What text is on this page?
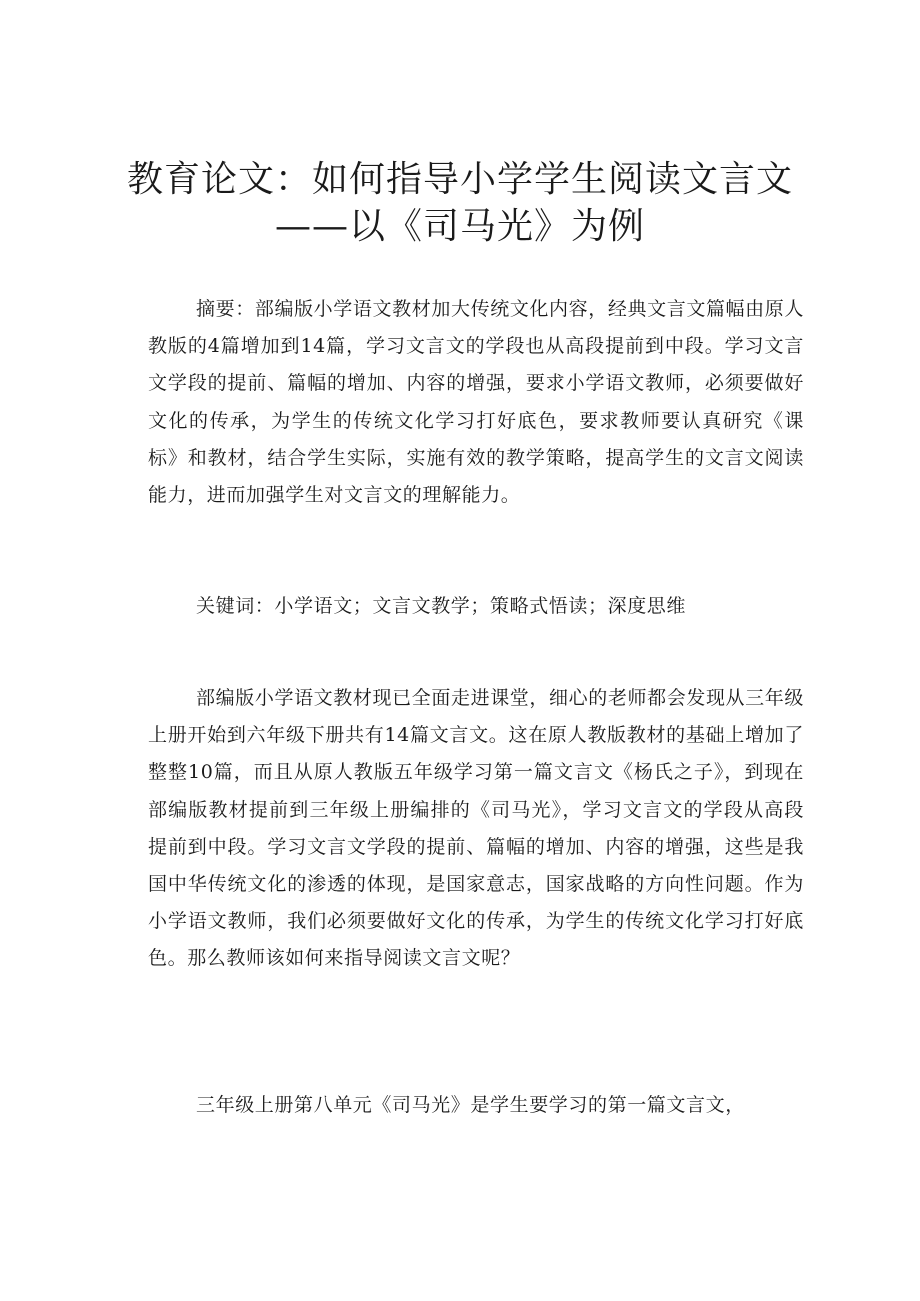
教育论文：如何指导小学学生阅读文言文
——以《司马光》为例

摘要：部编版小学语文教材加大传统文化内容，经典文言文篇幅由原人教版的4篇增加到14篇，学习文言文的学段也从高段提前到中段。学习文言文学段的提前、篇幅的增加、内容的增强，要求小学语文教师，必须要做好文化的传承，为学生的传统文化学习打好底色，要求教师要认真研究《课标》和教材，结合学生实际，实施有效的教学策略，提高学生的文言文阅读能力，进而加强学生对文言文的理解能力。

关键词：小学语文；文言文教学；策略式悟读；深度思维

部编版小学语文教材现已全面走进课堂，细心的老师都会发现从三年级上册开始到六年级下册共有14篇文言文。这在原人教版教材的基础上增加了整整10篇，而且从原人教版五年级学习第一篇文言文《杨氏之子》，到现在部编版教材提前到三年级上册编排的《司马光》，学习文言文的学段从高段提前到中段。学习文言文学段的提前、篇幅的增加、内容的增强，这些是我国中华传统文化的渗透的体现，是国家意志，国家战略的方向性问题。作为小学语文教师，我们必须要做好文化的传承，为学生的传统文化学习打好底色。那么教师该如何来指导阅读文言文呢？

三年级上册第八单元《司马光》是学生要学习的第一篇文言文，
